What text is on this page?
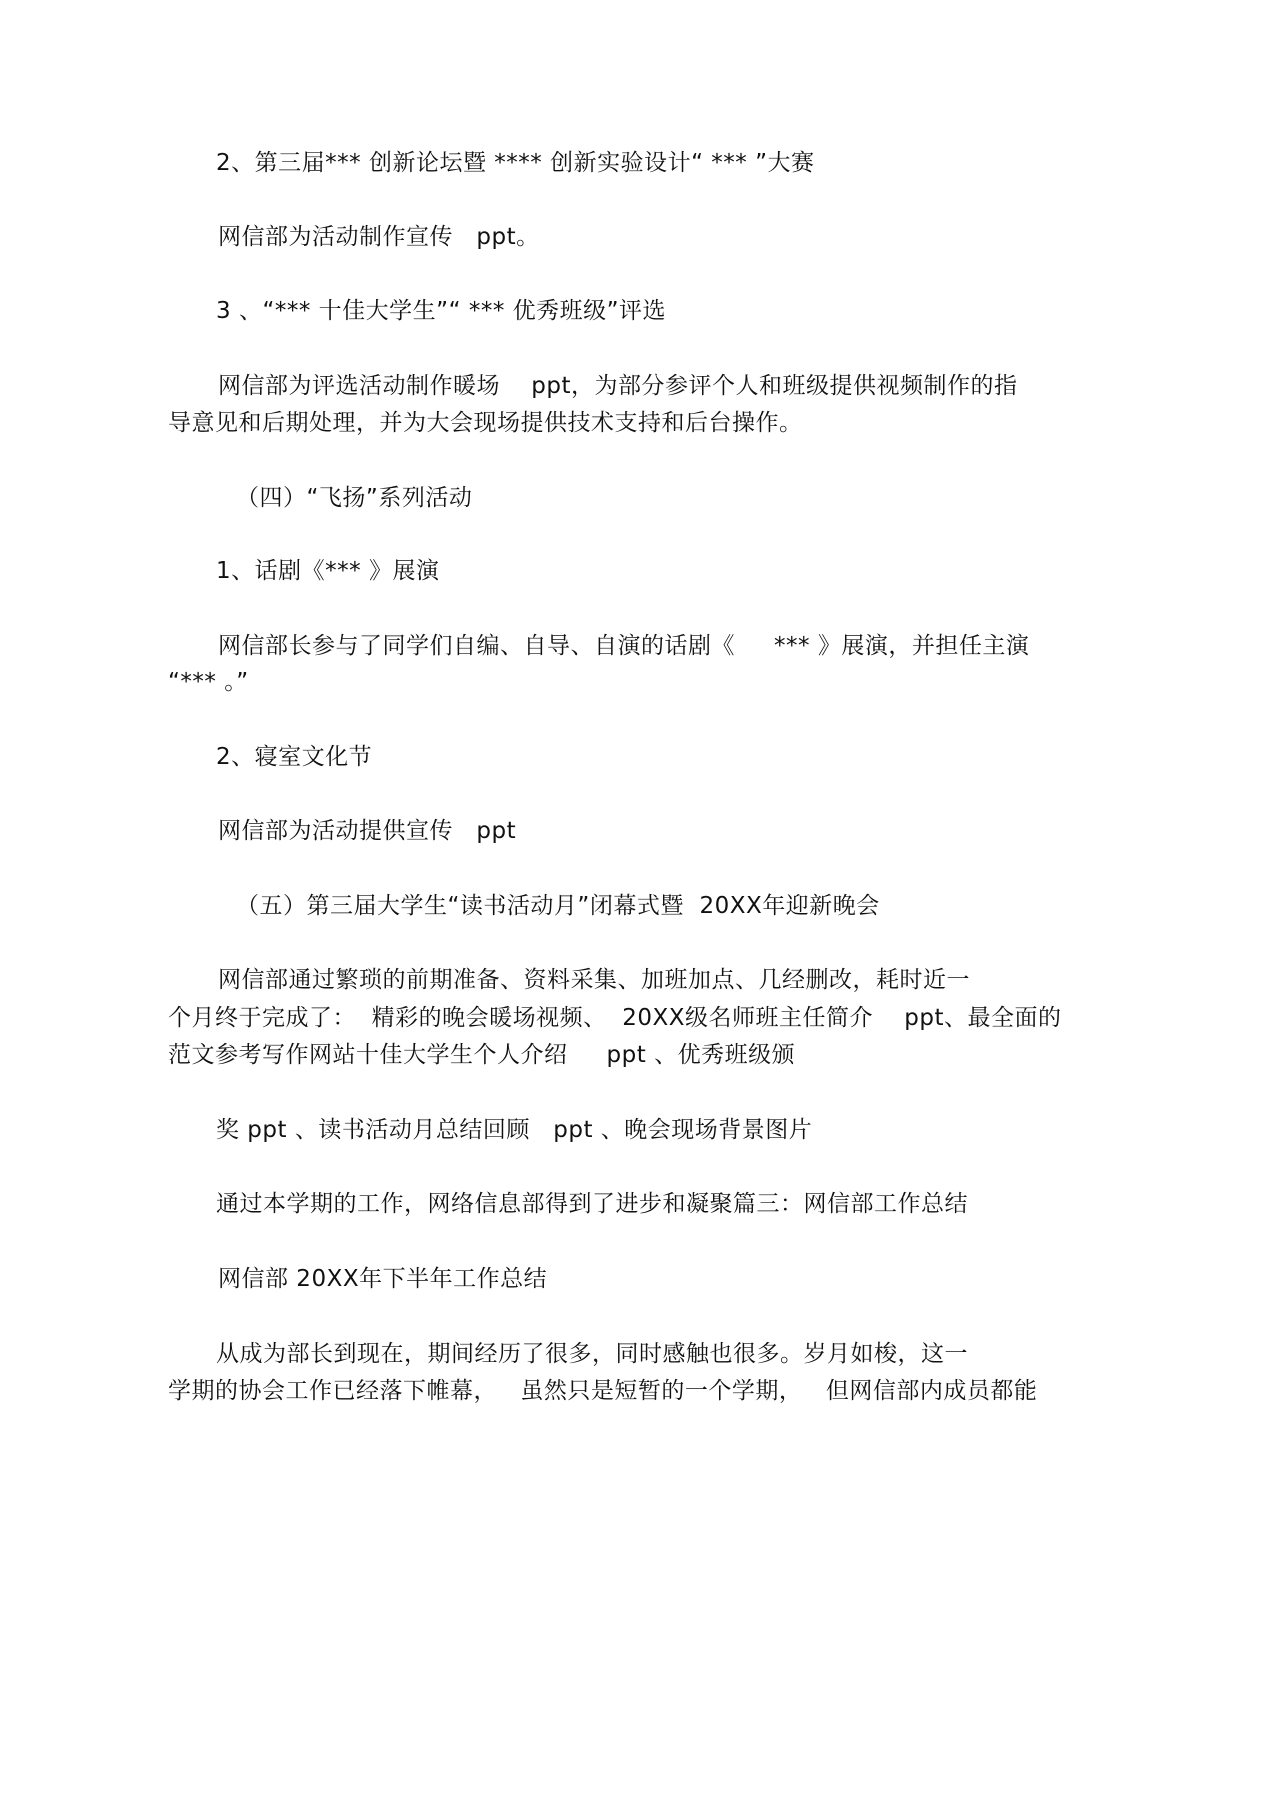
2、第三届*** 创新论坛暨 **** 创新实验设计“ *** ”大赛
网信部为活动制作宣传   ppt。
3 、“*** 十佳大学生”“ *** 优秀班级”评选
网信部为评选活动制作暖场    ppt，为部分参评个人和班级提供视频制作的指
导意见和后期处理，并为大会现场提供技术支持和后台操作。
（四）“飞扬”系列活动
1、话剧《*** 》展演
网信部长参与了同学们自编、自导、自演的话剧《     *** 》展演，并担任主演
“*** 。”
2、寝室文化节
网信部为活动提供宣传   ppt
（五）第三届大学生“读书活动月”闭幕式暨  20XX年迎新晚会
网信部通过繁琐的前期准备、资料采集、加班加点、几经删改，耗时近一
个月终于完成了：  精彩的晚会暖场视频、  20XX级名师班主任简介    ppt、最全面的
范文参考写作网站十佳大学生个人介绍     ppt 、优秀班级颁
奖 ppt 、读书活动月总结回顾   ppt 、晚会现场背景图片
通过本学期的工作，网络信息部得到了进步和凝聚篇三：网信部工作总结
网信部 20XX年下半年工作总结
从成为部长到现在，期间经历了很多，同时感触也很多。岁月如梭，这一
学期的协会工作已经落下帷幕，   虽然只是短暂的一个学期，   但网信部内成员都能
